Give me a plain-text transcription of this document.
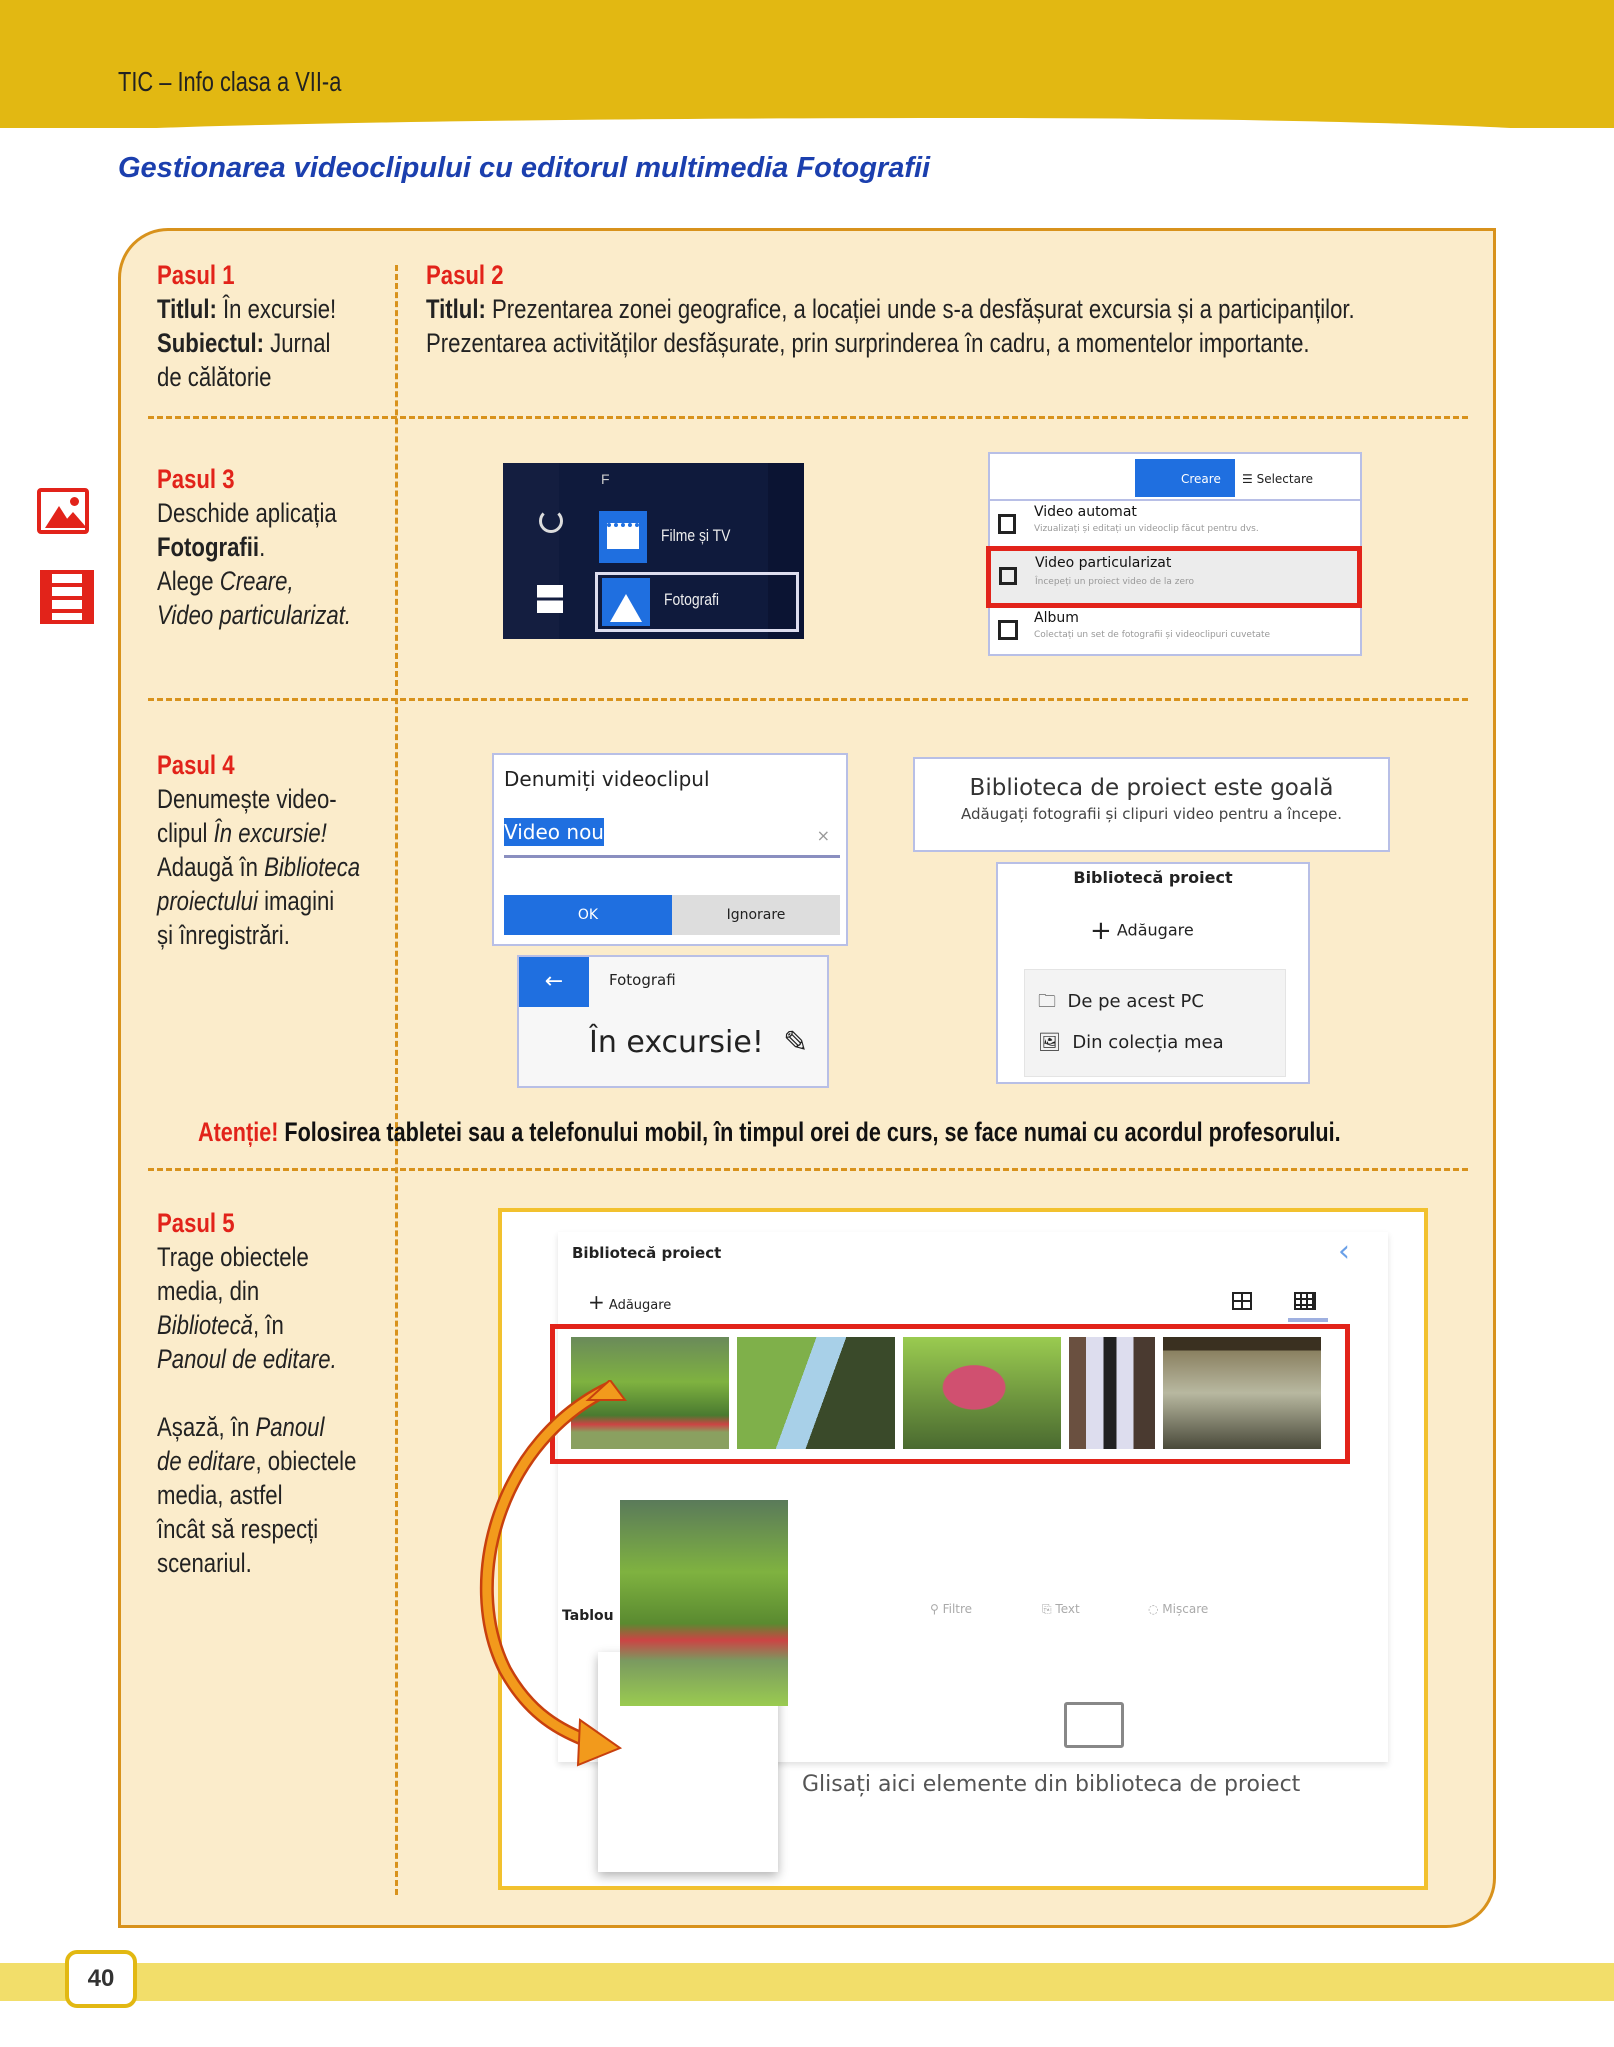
TIC – Info clasa a VII-a
Gestionarea videoclipului cu editorul multimedia Fotografii
Pasul 1
Titlul: În excursie!
Subiectul: Jurnal
de călătorie
Pasul 2
Titlul: Prezentarea zonei geografice, a locației unde s-a desfășurat excursia și a participanților.
Prezentarea activităților desfășurate, prin surprinderea în cadru, a momentelor importante.
Pasul 3
Deschide aplicația
Fotografii.
Alege Creare,
Video particularizat.
F
Filme și TV
Fotografi
Creare	☰ Selectare
Video automat
Vizualizați și editați un videoclip făcut pentru dvs.
Video particularizat
Începeți un proiect video de la zero
Album
Colectați un set de fotografii și videoclipuri cuvetate
Pasul 4
Denumește video-
clipul În excursie!
Adaugă în Biblioteca
proiectului imagini
și înregistrări.
Denumiți videoclipul
Video nou	×
OK	Ignorare
←	Fotografi
În excursie! ✎
Biblioteca de proiect este goală
Adăugați fotografii și clipuri video pentru a începe.
Bibliotecă proiect
+ Adăugare
🗀 De pe acest PC
🖼 Din colecția mea
Atenție! Folosirea tabletei sau a telefonului mobil, în timpul orei de curs, se face numai cu acordul profesorului.
Pasul 5
Trage obiectele
media, din
Bibliotecă, în
Panoul de editare.
Așază, în Panoul
de editare, obiectele
media, astfel
încât să respecți
scenariul.
Bibliotecă proiect	‹
+ Adăugare
Tablou	⚲ Filtre	⎘ Text	◌ Mișcare
Glisați aici elemente din biblioteca de proiect
40
